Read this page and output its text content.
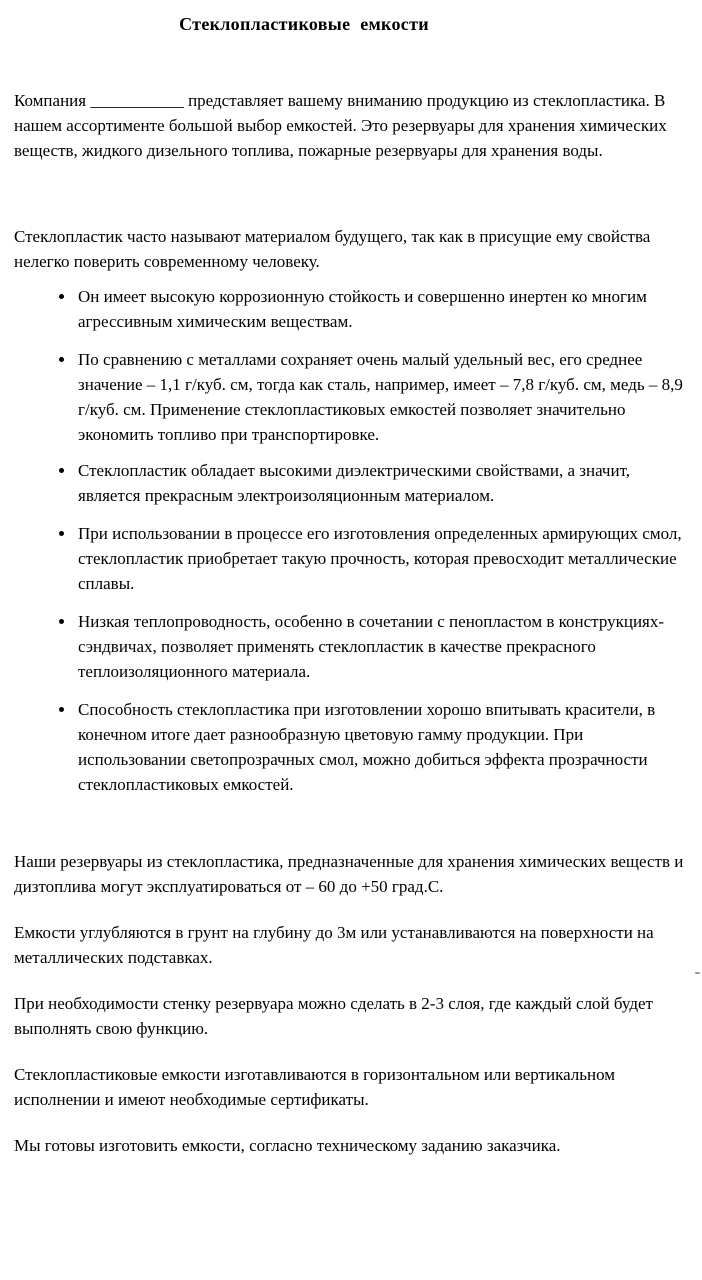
Стеклопластиковые емкости

Компания ___________ представляет вашему вниманию продукцию из стеклопластика. В нашем ассортименте большой выбор емкостей. Это резервуары для хранения химических веществ, жидкого дизельного топлива, пожарные резервуары для хранения воды.

Стеклопластик часто называют материалом будущего, так как в присущие ему свойства нелегко поверить современному человеку.

• Он имеет высокую коррозионную стойкость и совершенно инертен ко многим агрессивным химическим веществам.
• По сравнению с металлами сохраняет очень малый удельный вес, его среднее значение – 1,1 г/куб. см, тогда как сталь, например, имеет – 7,8 г/куб. см, медь – 8,9 г/куб. см. Применение стеклопластиковых емкостей позволяет значительно экономить топливо при транспортировке.
• Стеклопластик обладает высокими диэлектрическими свойствами, а значит, является прекрасным электроизоляционным материалом.
• При использовании в процессе его изготовления определенных армирующих смол, стеклопластик приобретает такую прочность, которая превосходит металлические сплавы.
• Низкая теплопроводность, особенно в сочетании с пенопластом в конструкциях-сэндвичах, позволяет применять стеклопластик в качестве прекрасного теплоизоляционного материала.
• Способность стеклопластика при изготовлении хорошо впитывать красители, в конечном итоге дает разнообразную цветовую гамму продукции. При использовании светопрозрачных смол, можно добиться эффекта прозрачности стеклопластиковых емкостей.

Наши резервуары из стеклопластика, предназначенные для хранения химических веществ и дизтоплива могут эксплуатироваться от – 60 до +50 град.С.

Емкости углубляются в грунт на глубину до 3м или устанавливаются на поверхности на металлических подставках.

При необходимости стенку резервуара можно сделать в 2-3 слоя, где каждый слой будет выполнять свою функцию.

Стеклопластиковые емкости изготавливаются в горизонтальном или вертикальном исполнении и имеют необходимые сертификаты.

Мы готовы изготовить емкости, согласно техническому заданию заказчика.
